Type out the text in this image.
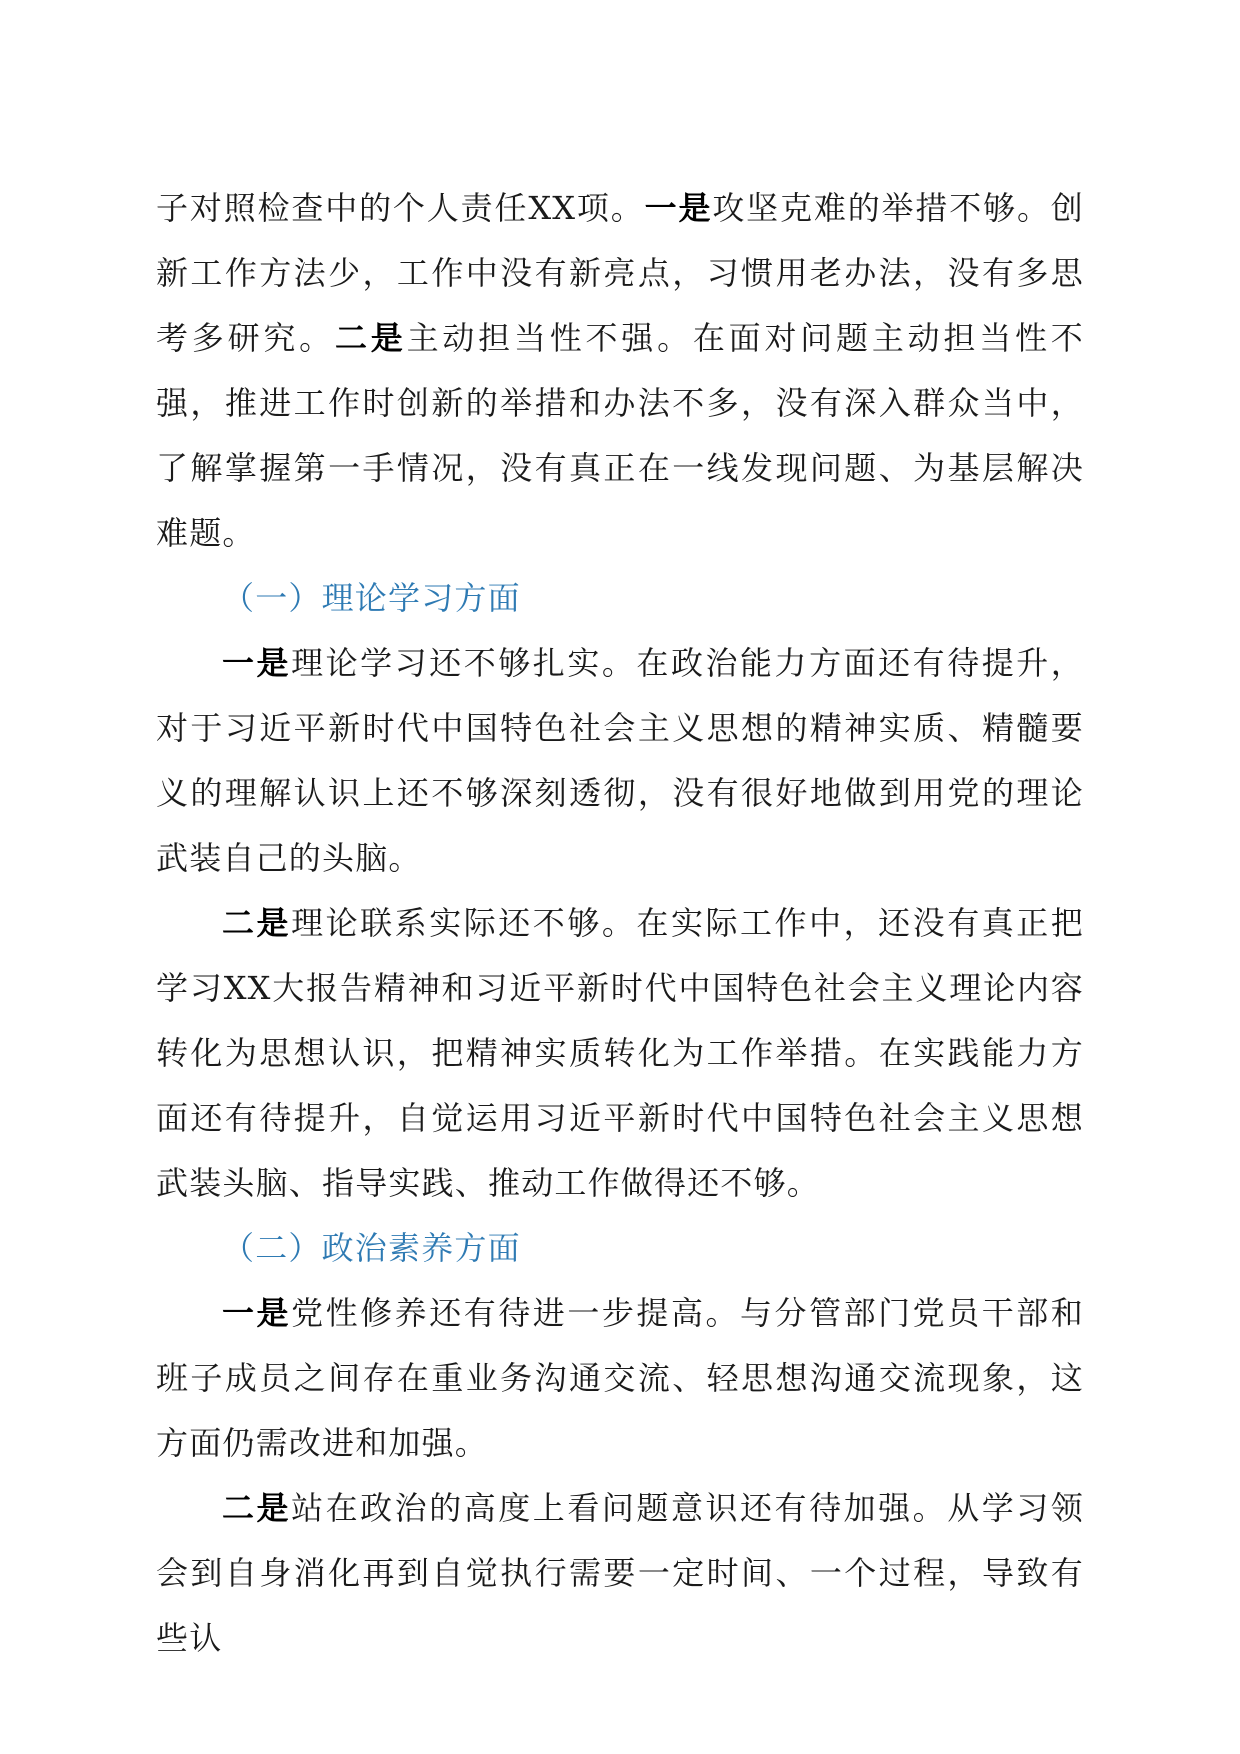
子对照检查中的个人责任XX项。一是攻坚克难的举措不够。创新工作方法少，工作中没有新亮点，习惯用老办法，没有多思考多研究。二是主动担当性不强。在面对问题主动担当性不强，推进工作时创新的举措和办法不多，没有深入群众当中，了解掌握第一手情况，没有真正在一线发现问题、为基层解决难题。

（一）理论学习方面

一是理论学习还不够扎实。在政治能力方面还有待提升，对于习近平新时代中国特色社会主义思想的精神实质、精髓要义的理解认识上还不够深刻透彻，没有很好地做到用党的理论武装自己的头脑。

二是理论联系实际还不够。在实际工作中，还没有真正把学习XX大报告精神和习近平新时代中国特色社会主义理论内容转化为思想认识，把精神实质转化为工作举措。在实践能力方面还有待提升，自觉运用习近平新时代中国特色社会主义思想武装头脑、指导实践、推动工作做得还不够。

（二）政治素养方面

一是党性修养还有待进一步提高。与分管部门党员干部和班子成员之间存在重业务沟通交流、轻思想沟通交流现象，这方面仍需改进和加强。

二是站在政治的高度上看问题意识还有待加强。从学习领会到自身消化再到自觉执行需要一定时间、一个过程，导致有些认
